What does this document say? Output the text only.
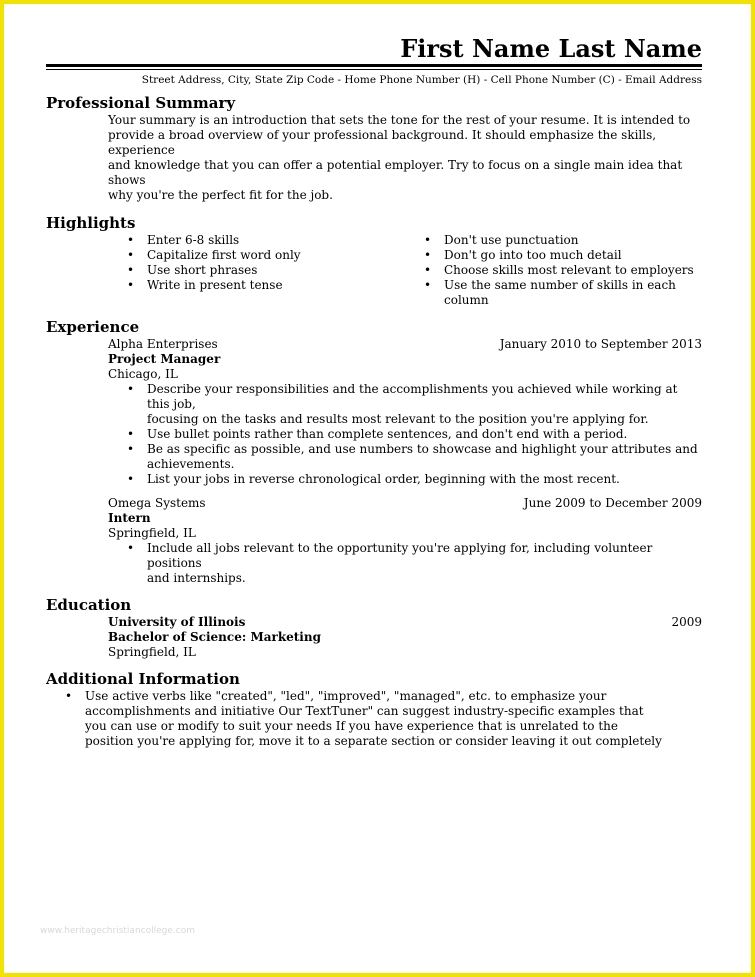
First Name Last Name

Street Address, City, State Zip Code - Home Phone Number (H) - Cell Phone Number (C) - Email Address

Professional Summary

Your summary is an introduction that sets the tone for the rest of your resume. It is intended to
provide a broad overview of your professional background. It should emphasize the skills, experience
and knowledge that you can offer a potential employer. Try to focus on a single main idea that shows
why you're the perfect fit for the job.

Highlights

• Enter 6-8 skills
• Capitalize first word only
• Use short phrases
• Write in present tense
• Don't use punctuation
• Don't go into too much detail
• Choose skills most relevant to employers
• Use the same number of skills in each
column

Experience

Alpha Enterprises	January 2010 to September 2013
Project Manager
Chicago, IL
• Describe your responsibilities and the accomplishments you achieved while working at this job,
focusing on the tasks and results most relevant to the position you're applying for.
• Use bullet points rather than complete sentences, and don't end with a period.
• Be as specific as possible, and use numbers to showcase and highlight your attributes and
achievements.
• List your jobs in reverse chronological order, beginning with the most recent.
Omega Systems	June 2009 to December 2009
Intern
Springfield, IL
• Include all jobs relevant to the opportunity you're applying for, including volunteer positions
and internships.

Education

University of Illinois	2009
Bachelor of Science: Marketing
Springfield, IL

Additional Information

• Use active verbs like "created", "led", "improved", "managed", etc. to emphasize your
accomplishments and initiative Our TextTuner" can suggest industry-specific examples that
you can use or modify to suit your needs If you have experience that is unrelated to the
position you're applying for, move it to a separate section or consider leaving it out completely
www.heritagechristiancollege.com
